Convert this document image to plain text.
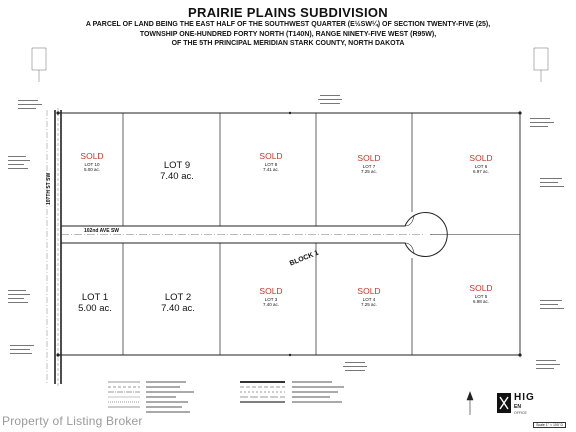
PRAIRIE PLAINS SUBDIVISION
A PARCEL OF LAND BEING THE EAST HALF OF THE SOUTHWEST QUARTER (E½SW¼) OF SECTION TWENTY-FIVE (25),
TOWNSHIP ONE-HUNDRED FORTY NORTH (T140N), RANGE NINETY-FIVE WEST (R95W),
OF THE 5TH PRINCIPAL MERIDIAN STARK COUNTY, NORTH DAKOTA
SOLD
LOT 10
5.00 ac.	LOT 9
7.40 ac.
SOLD
LOT 8
7.41 ac.
SOLD
LOT 7
7.25 ac.
SOLD
LOT 6
6.97 ac.
LOT 1
5.00 ac.
LOT 2
7.40 ac.
SOLD
LOT 3
7.40 ac.
SOLD
LOT 4
7.25 ac.
SOLD
LOT 5
6.98 ac.
102nd AVE SW
BLOCK 1
107TH ST SW
HIG
EN
OFFICE
Scale 1" = 100' D
Property of Listing Broker
